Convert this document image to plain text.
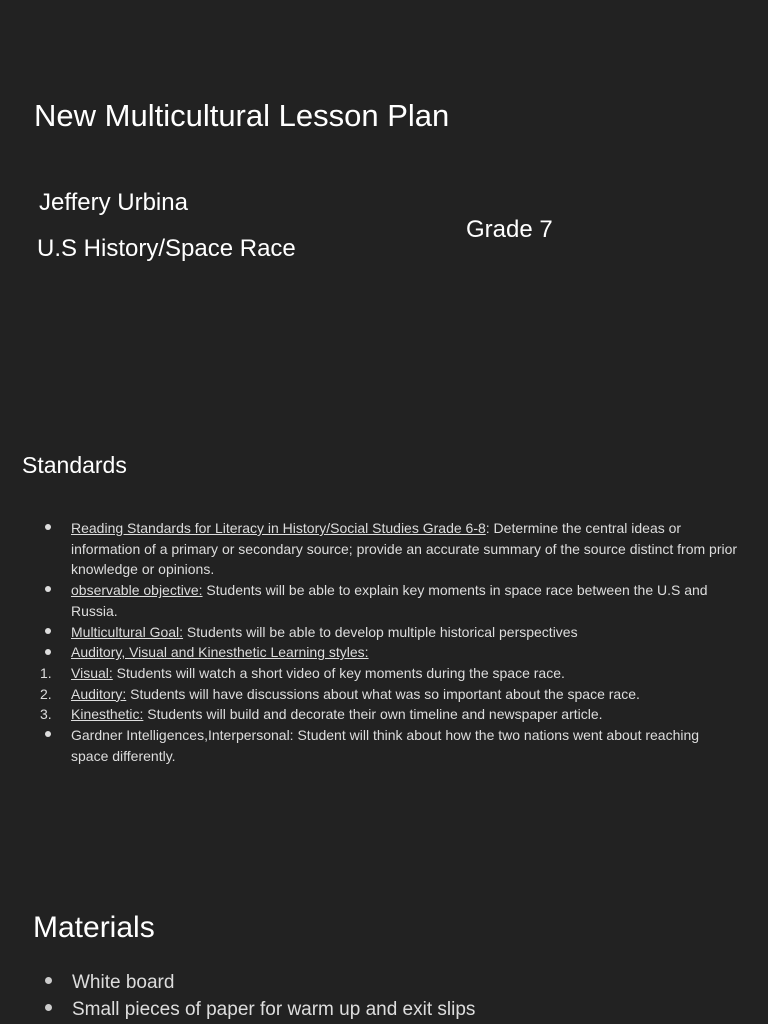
New Multicultural Lesson Plan
Jeffery Urbina
U.S History/Space Race
Grade 7
Standards
Reading Standards for Literacy in History/Social Studies Grade 6-8: Determine the central ideas or information of a primary or secondary source; provide an accurate summary of the source distinct from prior knowledge or opinions.
observable objective: Students will be able to explain key moments in space race between the U.S and Russia.
Multicultural Goal: Students will be able to develop multiple historical perspectives
Auditory, Visual and Kinesthetic Learning styles:
1.	Visual: Students will watch a short video of key moments during the space race.
2.	Auditory: Students will have discussions about what was so important about the space race.
3.	Kinesthetic: Students will build and decorate their own timeline and newspaper article.
Gardner Intelligences,Interpersonal: Student will think about how the two nations went about reaching space differently.
Materials
White board
Small pieces of paper for warm up and exit slips
